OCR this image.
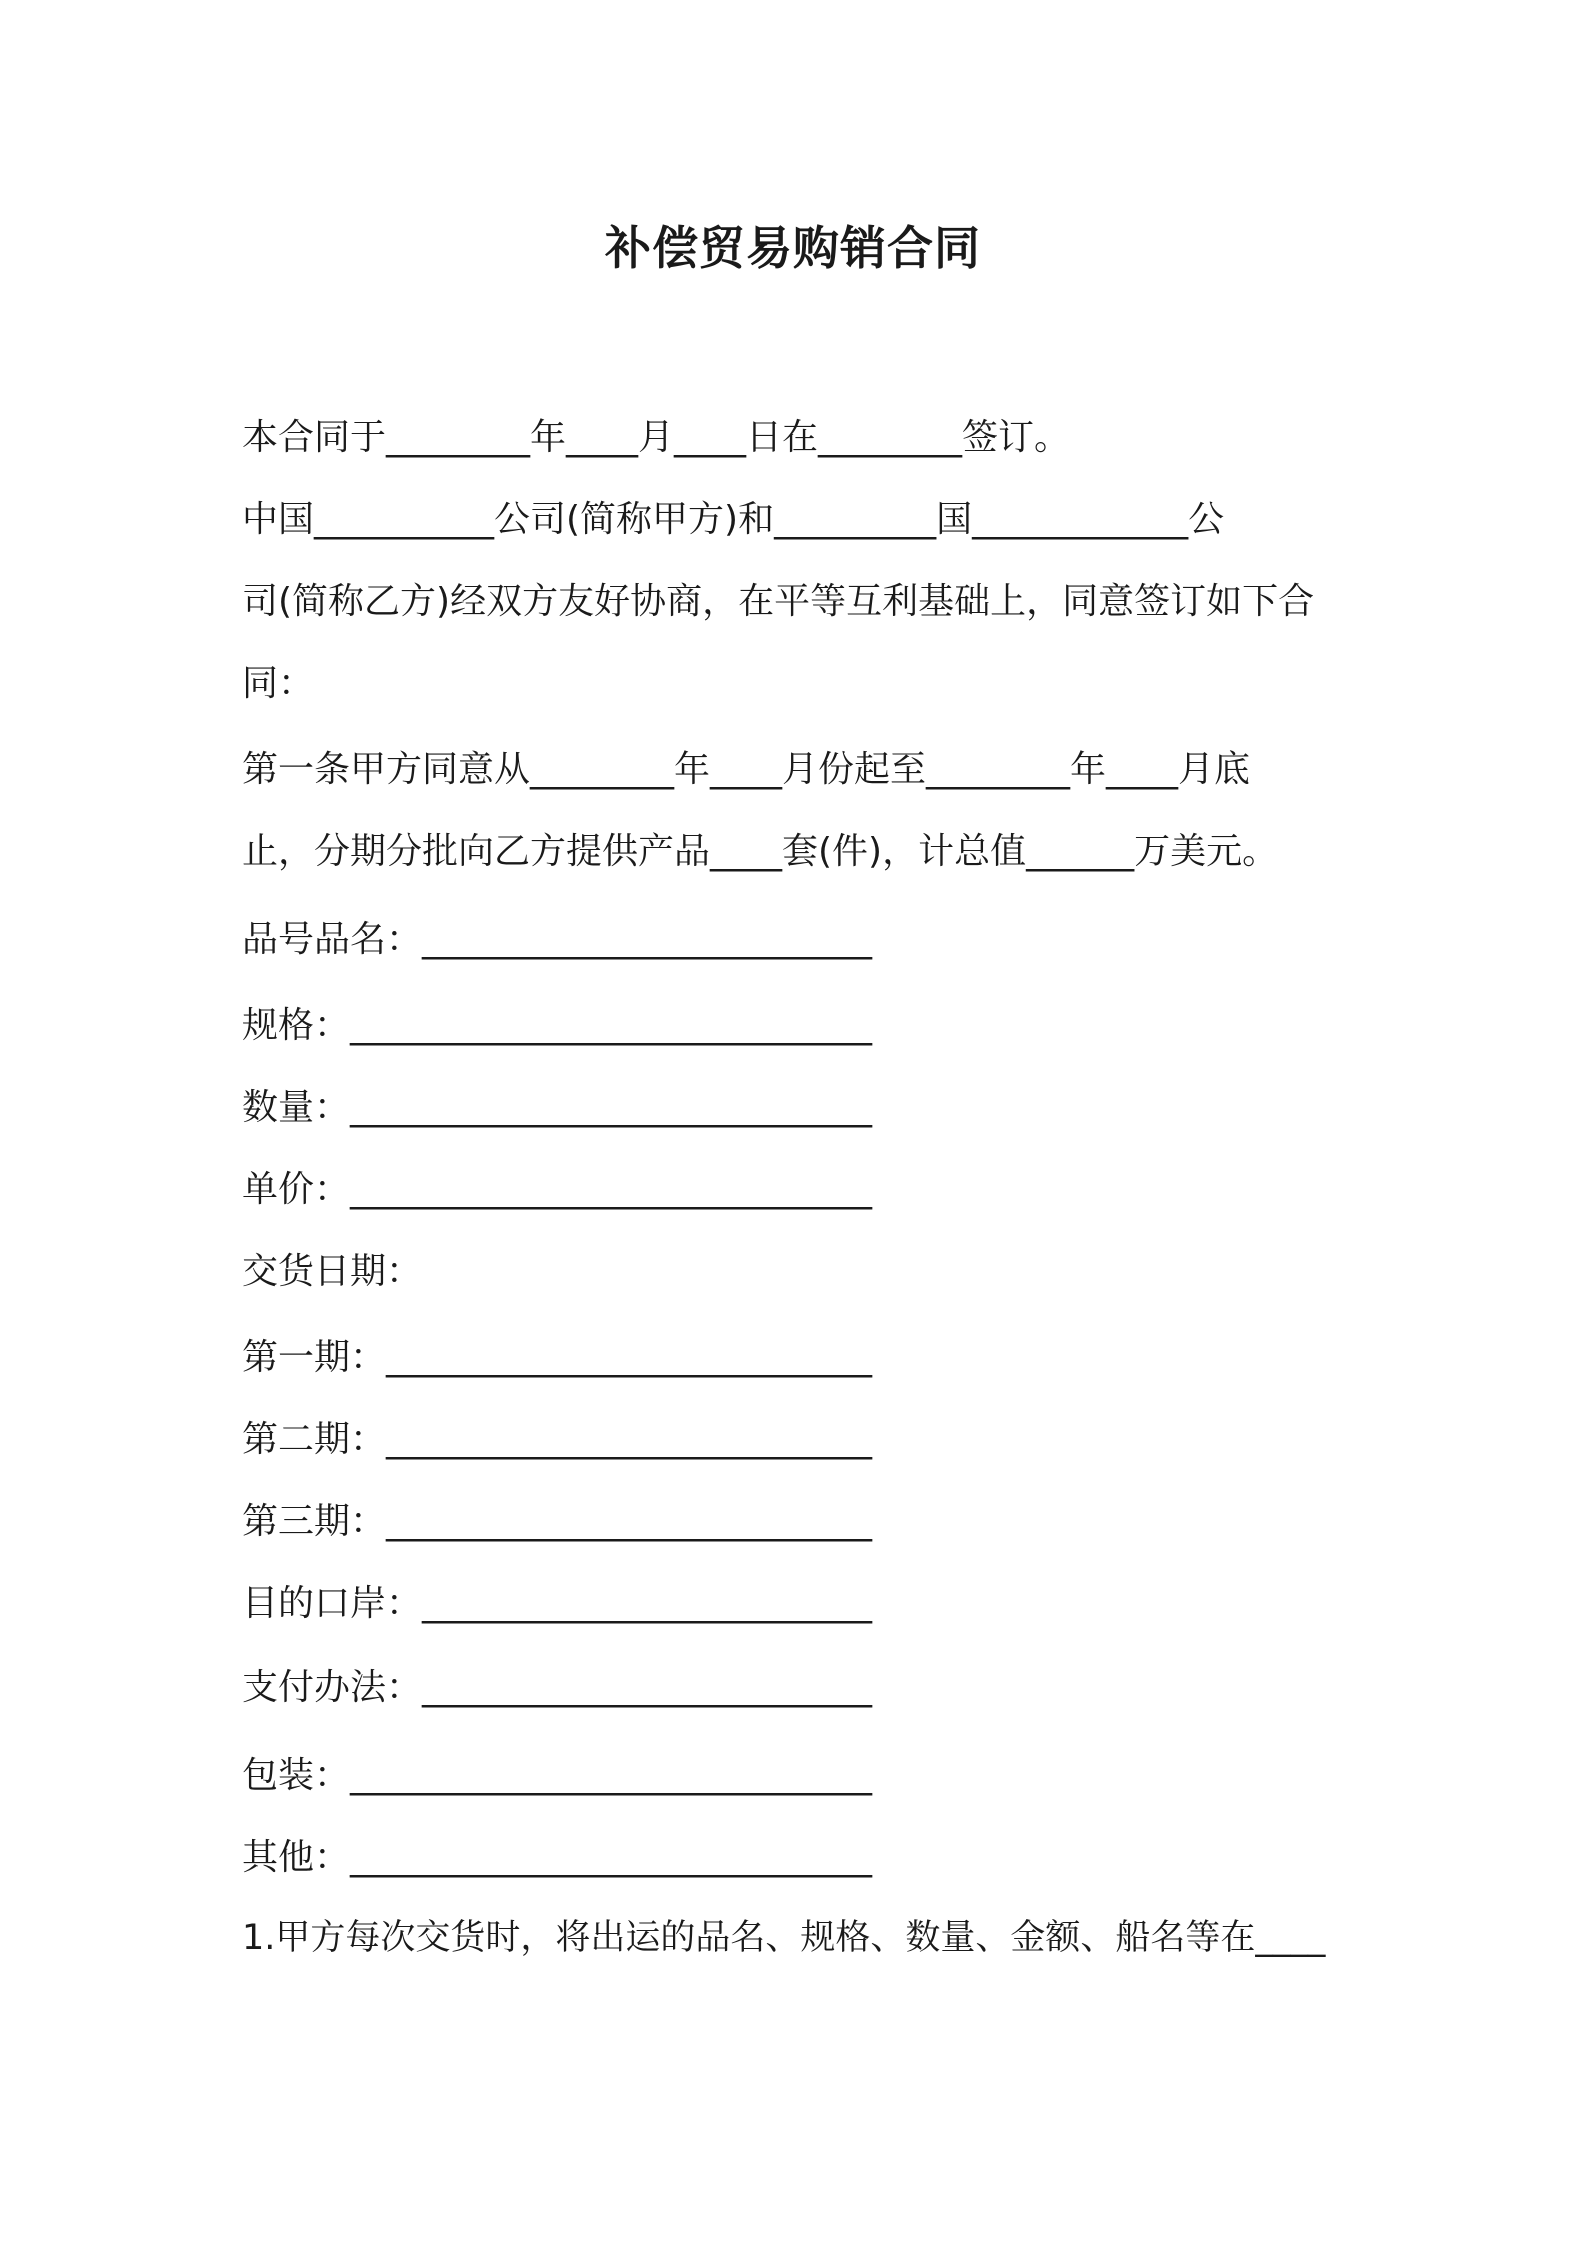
补偿贸易购销合同
本合同于________年____月____日在________签订。
中国__________公司(简称甲方)和_________国____________公
司(简称乙方)经双方友好协商，在平等互利基础上，同意签订如下合
同：
第一条甲方同意从________年____月份起至________年____月底
止，分期分批向乙方提供产品____套(件)，计总值______万美元。
品号品名：_________________________
规格：_____________________________
数量：_____________________________
单价：_____________________________
交货日期：
第一期：___________________________
第二期：___________________________
第三期：___________________________
目的口岸：_________________________
支付办法：_________________________
包装：_____________________________
其他：_____________________________
1.甲方每次交货时，将出运的品名、规格、数量、金额、船名等在____
